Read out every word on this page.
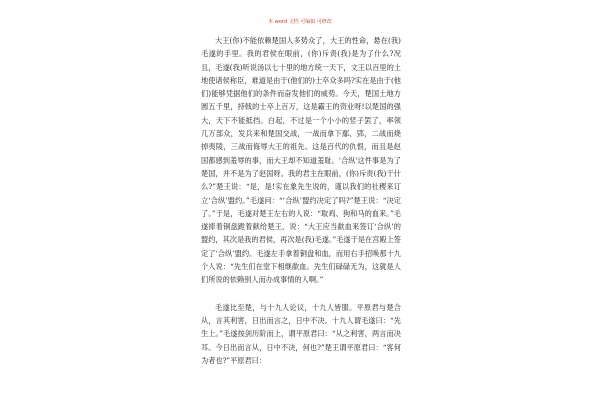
本 word 文档 可编辑 可修改

大王(你)不能依赖楚国人多势众了，大王的性命，悬在(我)毛遂的手里。我的君侯在眼前，(你)斥责(我)是为了什么?况且，毛遂(我)听说汤以七十里的地方统一天下，文王以百里的土地使诸侯称臣，难道是由于(他们的)士卒众多吗?实在是由于(他们)能够凭据他们的条件而奋发他们的威势。今天，楚国土地方圆五千里，持戟的士卒上百万，这是霸王的资业呀!以楚国的强大，天下不能抵挡。白起，不过是一个小小的竖子罢了，率领几万部众，发兵来和楚国交战，一战而拿下鄢、郢，二战而烧掉夷陵，三战而侮辱大王的祖先。这是百代的仇恨，而且是赵国都感到羞辱的事，而大王却不知道羞耻。'合纵'这件事是为了楚国，并不是为了赵国呀。我的君主在眼前，(你)斥责(我)干什么?”楚王说：“是，是!实在象先生说的，谨以我们的社稷来订立‘合纵’盟约。”毛遂问：“‘合纵’盟约决定了吗?”楚王说：“决定了。”于是，毛遂对楚王左右的人说：“取鸡、狗和马的血来。”毛遂捧着铜盘跪着献给楚王，说：“大王应当歃血来签订‘合纵’的盟约，其次是我的君侯，再次是(我)毛遂。”毛遂于是在宫殿上签定了‘合纵’盟约。毛遂左手拿着铜盘和血，而用右手招唤那十九个人说：“先生们在堂下相继歃血。先生们碌碌无为，这就是人们所说的依赖别人而办成事情的人啊。”

毛遂比至楚，与十九人论议，十九人皆服。平原君与楚合从，言其利害，日出而言之，日中不决。十九人谓毛遂曰：“先生上。”毛遂按剑历阶而上，谓平原君曰：“从之利害，两言而决耳。今日出而言从，日中不决，何也?”楚王谓平原君曰：“客何为者也?”平原君曰：
